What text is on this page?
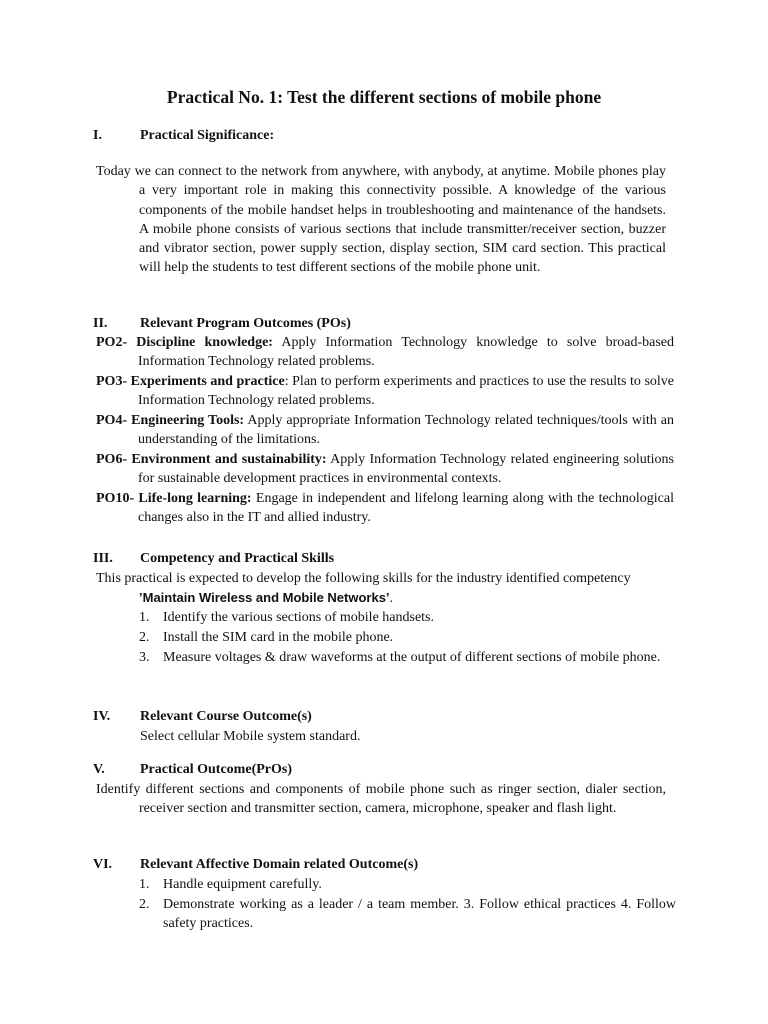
Practical No. 1: Test the different sections of mobile phone
I.	Practical Significance:
Today we can connect to the network from anywhere, with anybody, at anytime. Mobile phones play a very important role in making this connectivity possible. A knowledge of the various components of the mobile handset helps in troubleshooting and maintenance of the handsets. A mobile phone consists of various sections that include transmitter/receiver section, buzzer and vibrator section, power supply section, display section, SIM card section. This practical will help the students to test different sections of the mobile phone unit.
II. Relevant Program Outcomes (POs)
PO2- Discipline knowledge: Apply Information Technology knowledge to solve broad-based Information Technology related problems.
PO3- Experiments and practice: Plan to perform experiments and practices to use the results to solve Information Technology related problems.
PO4- Engineering Tools: Apply appropriate Information Technology related techniques/tools with an understanding of the limitations.
PO6- Environment and sustainability: Apply Information Technology related engineering solutions for sustainable development practices in environmental contexts.
PO10- Life-long learning: Engage in independent and lifelong learning along with the technological changes also in the IT and allied industry.
III. Competency and Practical Skills
This practical is expected to develop the following skills for the industry identified competency
’Maintain Wireless and Mobile Networks’.
1. Identify the various sections of mobile handsets.
2. Install the SIM card in the mobile phone.
3. Measure voltages & draw waveforms at the output of different sections of mobile phone.
IV. Relevant Course Outcome(s)
Select cellular Mobile system standard.
V.	Practical Outcome(PrOs)
Identify different sections and components of mobile phone such as ringer section, dialer section, receiver section and transmitter section, camera, microphone, speaker and flash light.
VI. Relevant Affective Domain related Outcome(s)
1. Handle equipment carefully.
2. Demonstrate working as a leader / a team member. 3. Follow ethical practices 4. Follow safety practices.
